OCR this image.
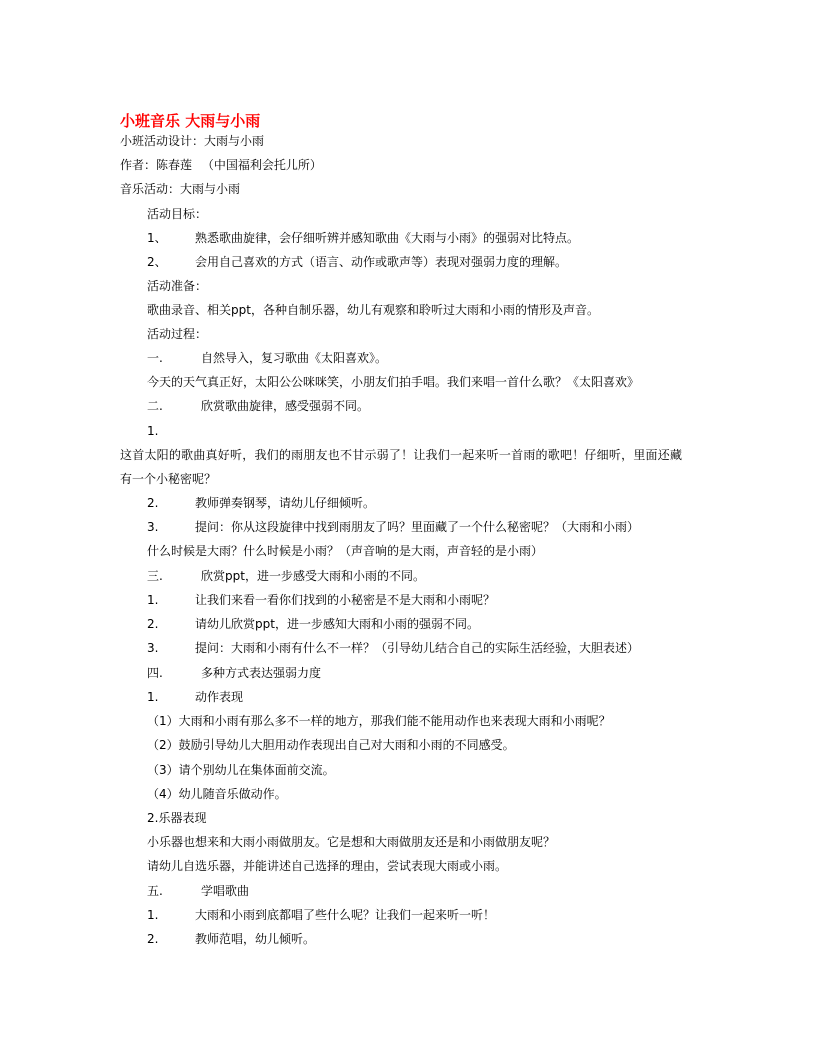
小班音乐 大雨与小雨
小班活动设计：大雨与小雨
作者：陈春莲 　（中国福利会托儿所）
音乐活动：大雨与小雨
活动目标：
1、 熟悉歌曲旋律，会仔细听辨并感知歌曲《大雨与小雨》的强弱对比特点。
2、 会用自己喜欢的方式（语言、动作或歌声等）表现对强弱力度的理解。
活动准备：
歌曲录音、相关ppt，各种自制乐器，幼儿有观察和聆听过大雨和小雨的情形及声音。
活动过程：
一.	自然导入，复习歌曲《太阳喜欢》。
今天的天气真正好，太阳公公咪咪笑，小朋友们拍手唱。我们来唱一首什么歌？《太阳喜欢》
二.	欣赏歌曲旋律，感受强弱不同。
1.
这首太阳的歌曲真好听，我们的雨朋友也不甘示弱了！让我们一起来听一首雨的歌吧！仔细听，里面还藏有一个小秘密呢？
2.	教师弹奏钢琴，请幼儿仔细倾听。
3.	提问：你从这段旋律中找到雨朋友了吗？里面藏了一个什么秘密呢？（大雨和小雨）
什么时候是大雨？什么时候是小雨？（声音响的是大雨，声音轻的是小雨）
三.	欣赏ppt，进一步感受大雨和小雨的不同。
1.	让我们来看一看你们找到的小秘密是不是大雨和小雨呢？
2.	请幼儿欣赏ppt，进一步感知大雨和小雨的强弱不同。
3.	提问：大雨和小雨有什么不一样？（引导幼儿结合自己的实际生活经验，大胆表述）
四.	多种方式表达强弱力度
1.	动作表现
（1）大雨和小雨有那么多不一样的地方，那我们能不能用动作也来表现大雨和小雨呢？
（2）鼓励引导幼儿大胆用动作表现出自己对大雨和小雨的不同感受。
（3）请个别幼儿在集体面前交流。
（4）幼儿随音乐做动作。
2.乐器表现
小乐器也想来和大雨小雨做朋友。它是想和大雨做朋友还是和小雨做朋友呢？
请幼儿自选乐器，并能讲述自己选择的理由，尝试表现大雨或小雨。
五.	学唱歌曲
1.	大雨和小雨到底都唱了些什么呢？让我们一起来听一听！
2.	教师范唱，幼儿倾听。
